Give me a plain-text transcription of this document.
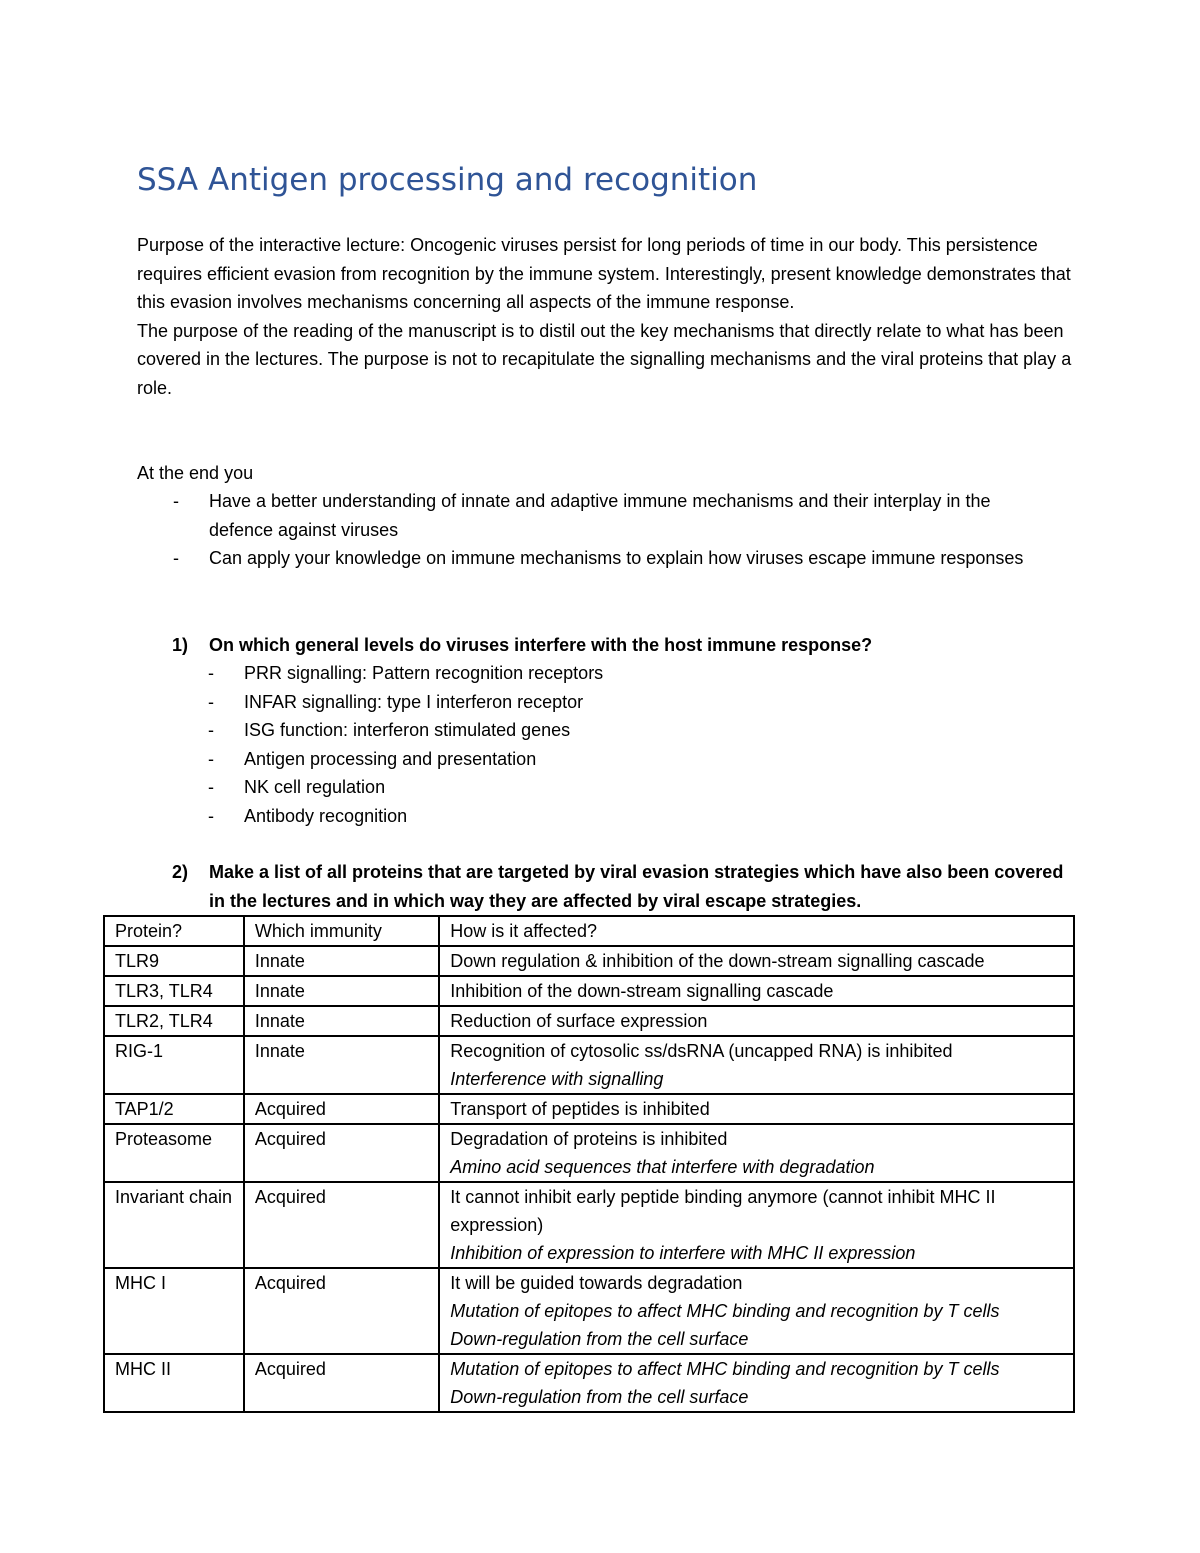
SSA Antigen processing and recognition

Purpose of the interactive lecture: Oncogenic viruses persist for long periods of time in our body. This persistence requires efficient evasion from recognition by the immune system. Interestingly, present knowledge demonstrates that this evasion involves mechanisms concerning all aspects of the immune response.

The purpose of the reading of the manuscript is to distil out the key mechanisms that directly relate to what has been covered in the lectures. The purpose is not to recapitulate the signalling mechanisms and the viral proteins that play a role.

At the end you

- Have a better understanding of innate and adaptive immune mechanisms and their interplay in the defence against viruses
- Can apply your knowledge on immune mechanisms to explain how viruses escape immune responses

1)	On which general levels do viruses interfere with the host immune response?

- PRR signalling: Pattern recognition receptors
- INFAR signalling: type I interferon receptor
- ISG function: interferon stimulated genes
- Antigen processing and presentation
- NK cell regulation
- Antibody recognition

2)	Make a list of all proteins that are targeted by viral evasion strategies which have also been covered in the lectures and in which way they are affected by viral escape strategies.

Protein?	Which immunity	How is it affected?
TLR9	Innate	Down regulation & inhibition of the down-stream signalling cascade

TLR3, TLR4	Innate	Inhibition of the down-stream signalling cascade

TLR2, TLR4	Innate	Reduction of surface expression

RIG-1	Innate	Recognition of cytosolic ss/dsRNA (uncapped RNA) is inhibited
Interference with signalling

TAP1/2	Acquired	Transport of peptides is inhibited

Proteasome	Acquired	Degradation of proteins is inhibited
Amino acid sequences that interfere with degradation

Invariant chain	Acquired	It cannot inhibit early peptide binding anymore (cannot inhibit MHC II expression)
Inhibition of expression to interfere with MHC II expression

MHC I	Acquired	It will be guided towards degradation
Mutation of epitopes to affect MHC binding and recognition by T cells
Down-regulation from the cell surface

MHC II	Acquired	Mutation of epitopes to affect MHC binding and recognition by T cells
Down-regulation from the cell surface
